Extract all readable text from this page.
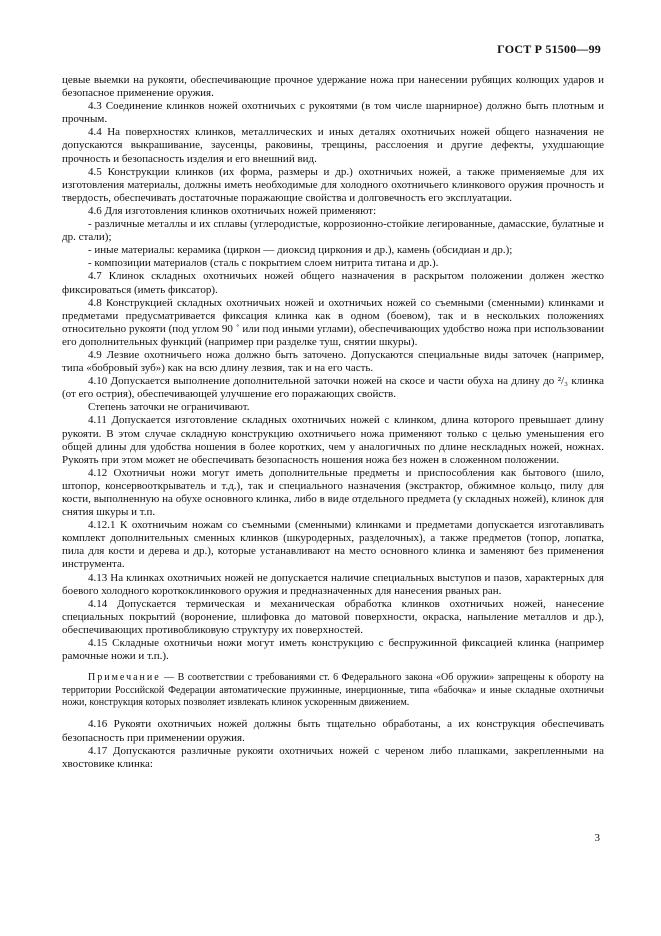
ГОСТ Р 51500—99

цевые выемки на рукояти, обеспечивающие прочное удержание ножа при нанесении рубящих колющих ударов и безопасное применение оружия.

4.3 Соединение клинков ножей охотничьих с рукоятями (в том числе шарнирное) должно быть плотным и прочным.

4.4 На поверхностях клинков, металлических и иных деталях охотничьих ножей общего назначения не допускаются выкрашивание, заусенцы, раковины, трещины, расслоения и другие дефекты, ухудшающие прочность и безопасность изделия и его внешний вид.

4.5 Конструкции клинков (их форма, размеры и др.) охотничьих ножей, а также применяемые для их изготовления материалы, должны иметь необходимые для холодного охотничьего клинкового оружия прочность и твердость, обеспечивать достаточные поражающие свойства и долговечность его эксплуатации.

4.6 Для изготовления клинков охотничьих ножей применяют:

- различные металлы и их сплавы (углеродистые, коррозионно-стойкие легированные, дамасские, булатные и др. стали);

- иные материалы: керамика (циркон — диоксид циркония и др.), камень (обсидиан и др.);

- композиции материалов (сталь с покрытием слоем нитрита титана и др.).

4.7 Клинок складных охотничьих ножей общего назначения в раскрытом положении должен жестко фиксироваться (иметь фиксатор).

4.8 Конструкцией складных охотничьих ножей и охотничьих ножей со съемными (сменными) клинками и предметами предусматривается фиксация клинка как в одном (боевом), так и в нескольких положениях относительно рукояти (под углом 90 ˚ или под иными углами), обеспечивающих удобство ножа при использовании его дополнительных функций (например при разделке туш, снятии шкуры).

4.9 Лезвие охотничьего ножа должно быть заточено. Допускаются специальные виды заточек (например, типа «бобровый зуб») как на всю длину лезвия, так и на его часть.

4.10 Допускается выполнение дополнительной заточки ножей на скосе и части обуха на длину до ²/₃ клинка (от его острия), обеспечивающей улучшение его поражающих свойств.

Степень заточки не ограничивают.

4.11 Допускается изготовление складных охотничьих ножей с клинком, длина которого превышает длину рукояти. В этом случае складную конструкцию охотничьего ножа применяют только с целью уменьшения его общей длины для удобства ношения в более коротких, чем у аналогичных по длине нескладных ножей, ножнах. Рукоять при этом может не обеспечивать безопасность ношения ножа без ножен в сложенном положении.

4.12 Охотничьи ножи могут иметь дополнительные предметы и приспособления как бытового (шило, штопор, консервооткрыватель и т.д.), так и специального назначения (экстрактор, обжимное кольцо, пилу для кости, выполненную на обухе основного клинка, либо в виде отдельного предмета (у складных ножей), клинок для снятия шкуры и т.п.

4.12.1 К охотничьим ножам со съемными (сменными) клинками и предметами допускается изготавливать комплект дополнительных сменных клинков (шкуродерных, разделочных), а также предметов (топор, лопатка, пила для кости и дерева и др.), которые устанавливают на место основного клинка и заменяют без применения инструмента.

4.13 На клинках охотничьих ножей не допускается наличие специальных выступов и пазов, характерных для боевого холодного короткоклинкового оружия и предназначенных для нанесения рваных ран.

4.14 Допускается термическая и механическая обработка клинков охотничьих ножей, нанесение специальных покрытий (воронение, шлифовка до матовой поверхности, окраска, напыление металлов и др.), обеспечивающих противобликовую структуру их поверхностей.

4.15 Складные охотничьи ножи могут иметь конструкцию с беспружинной фиксацией клинка (например рамочные ножи и т.п.).

Примечание — В соответствии с требованиями ст. 6 Федерального закона «Об оружии» запрещены к обороту на территории Российской Федерации автоматические пружинные, инерционные, типа «бабочка» и иные складные охотничьи ножи, конструкция которых позволяет извлекать клинок ускоренным движением.

4.16 Рукояти охотничьих ножей должны быть тщательно обработаны, а их конструкция обеспечивать безопасность при применении оружия.

4.17 Допускаются различные рукояти охотничьих ножей с череном либо плашками, закрепленными на хвостовике клинка:

3
